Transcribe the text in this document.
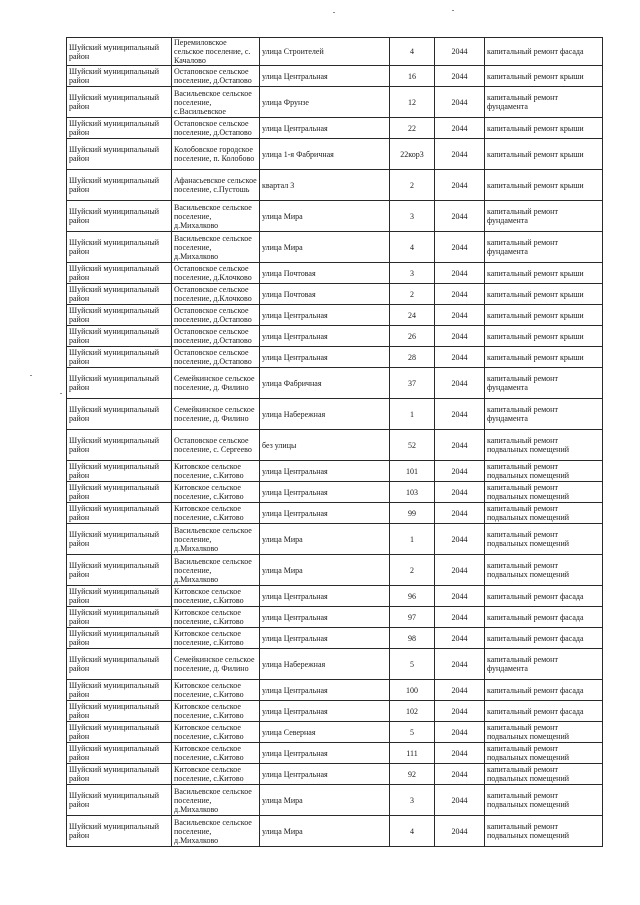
Шуйский муниципальный район	Перемиловское сельское поселение, с. Качалово	улица Строителей	4	2044	капитальный ремонт фасада
Шуйский муниципальный район	Остаповское сельское поселение, д.Остапово	улица Центральная	16	2044	капитальный ремонт крыши
Шуйский муниципальный район	Васильевское сельское поселение, с.Васильевское	улица Фрунзе	12	2044	капитальный ремонт фундамента
Шуйский муниципальный район	Остаповское сельское поселение, д.Остапово	улица Центральная	22	2044	капитальный ремонт крыши
Шуйский муниципальный район	Колобовское городское поселение, п. Колобово	улица 1-я Фабричная	22кор3	2044	капитальный ремонт крыши
Шуйский муниципальный район	Афанасьевское сельское поселение, с.Пустошь	квартал 3	2	2044	капитальный ремонт крыши
Шуйский муниципальный район	Васильевское сельское поселение, д.Михалково	улица Мира	3	2044	капитальный ремонт фундамента
Шуйский муниципальный район	Васильевское сельское поселение, д.Михалково	улица Мира	4	2044	капитальный ремонт фундамента
Шуйский муниципальный район	Остаповское сельское поселение, д.Клочково	улица Почтовая	3	2044	капитальный ремонт крыши
Шуйский муниципальный район	Остаповское сельское поселение, д.Клочково	улица Почтовая	2	2044	капитальный ремонт крыши
Шуйский муниципальный район	Остаповское сельское поселение, д.Остапово	улица Центральная	24	2044	капитальный ремонт крыши
Шуйский муниципальный район	Остаповское сельское поселение, д.Остапово	улица Центральная	26	2044	капитальный ремонт крыши
Шуйский муниципальный район	Остаповское сельское поселение, д.Остапово	улица Центральная	28	2044	капитальный ремонт крыши
Шуйский муниципальный район	Семейкинское сельское поселение, д. Филино	улица Фабричная	37	2044	капитальный ремонт фундамента
Шуйский муниципальный район	Семейкинское сельское поселение, д. Филино	улица Набережная	1	2044	капитальный ремонт фундамента
Шуйский муниципальный район	Остаповское сельское поселение, с. Сергеево	без улицы	52	2044	капитальный ремонт подвальных помещений
Шуйский муниципальный район	Китовское сельское поселение, с.Китово	улица Центральная	101	2044	капитальный ремонт подвальных помещений
Шуйский муниципальный район	Китовское сельское поселение, с.Китово	улица Центральная	103	2044	капитальный ремонт подвальных помещений
Шуйский муниципальный район	Китовское сельское поселение, с.Китово	улица Центральная	99	2044	капитальный ремонт подвальных помещений
Шуйский муниципальный район	Васильевское сельское поселение, д.Михалково	улица Мира	1	2044	капитальный ремонт подвальных помещений
Шуйский муниципальный район	Васильевское сельское поселение, д.Михалково	улица Мира	2	2044	капитальный ремонт подвальных помещений
Шуйский муниципальный район	Китовское сельское поселение, с.Китово	улица Центральная	96	2044	капитальный ремонт фасада
Шуйский муниципальный район	Китовское сельское поселение, с.Китово	улица Центральная	97	2044	капитальный ремонт фасада
Шуйский муниципальный район	Китовское сельское поселение, с.Китово	улица Центральная	98	2044	капитальный ремонт фасада
Шуйский муниципальный район	Семейкинское сельское поселение, д. Филино	улица Набережная	5	2044	капитальный ремонт фундамента
Шуйский муниципальный район	Китовское сельское поселение, с.Китово	улица Центральная	100	2044	капитальный ремонт фасада
Шуйский муниципальный район	Китовское сельское поселение, с.Китово	улица Центральная	102	2044	капитальный ремонт фасада
Шуйский муниципальный район	Китовское сельское поселение, с.Китово	улица Северная	5	2044	капитальный ремонт подвальных помещений
Шуйский муниципальный район	Китовское сельское поселение, с.Китово	улица Центральная	111	2044	капитальный ремонт подвальных помещений
Шуйский муниципальный район	Китовское сельское поселение, с.Китово	улица Центральная	92	2044	капитальный ремонт подвальных помещений
Шуйский муниципальный район	Васильевское сельское поселение, д.Михалково	улица Мира	3	2044	капитальный ремонт подвальных помещений
Шуйский муниципальный район	Васильевское сельское поселение, д.Михалково	улица Мира	4	2044	капитальный ремонт подвальных помещений
